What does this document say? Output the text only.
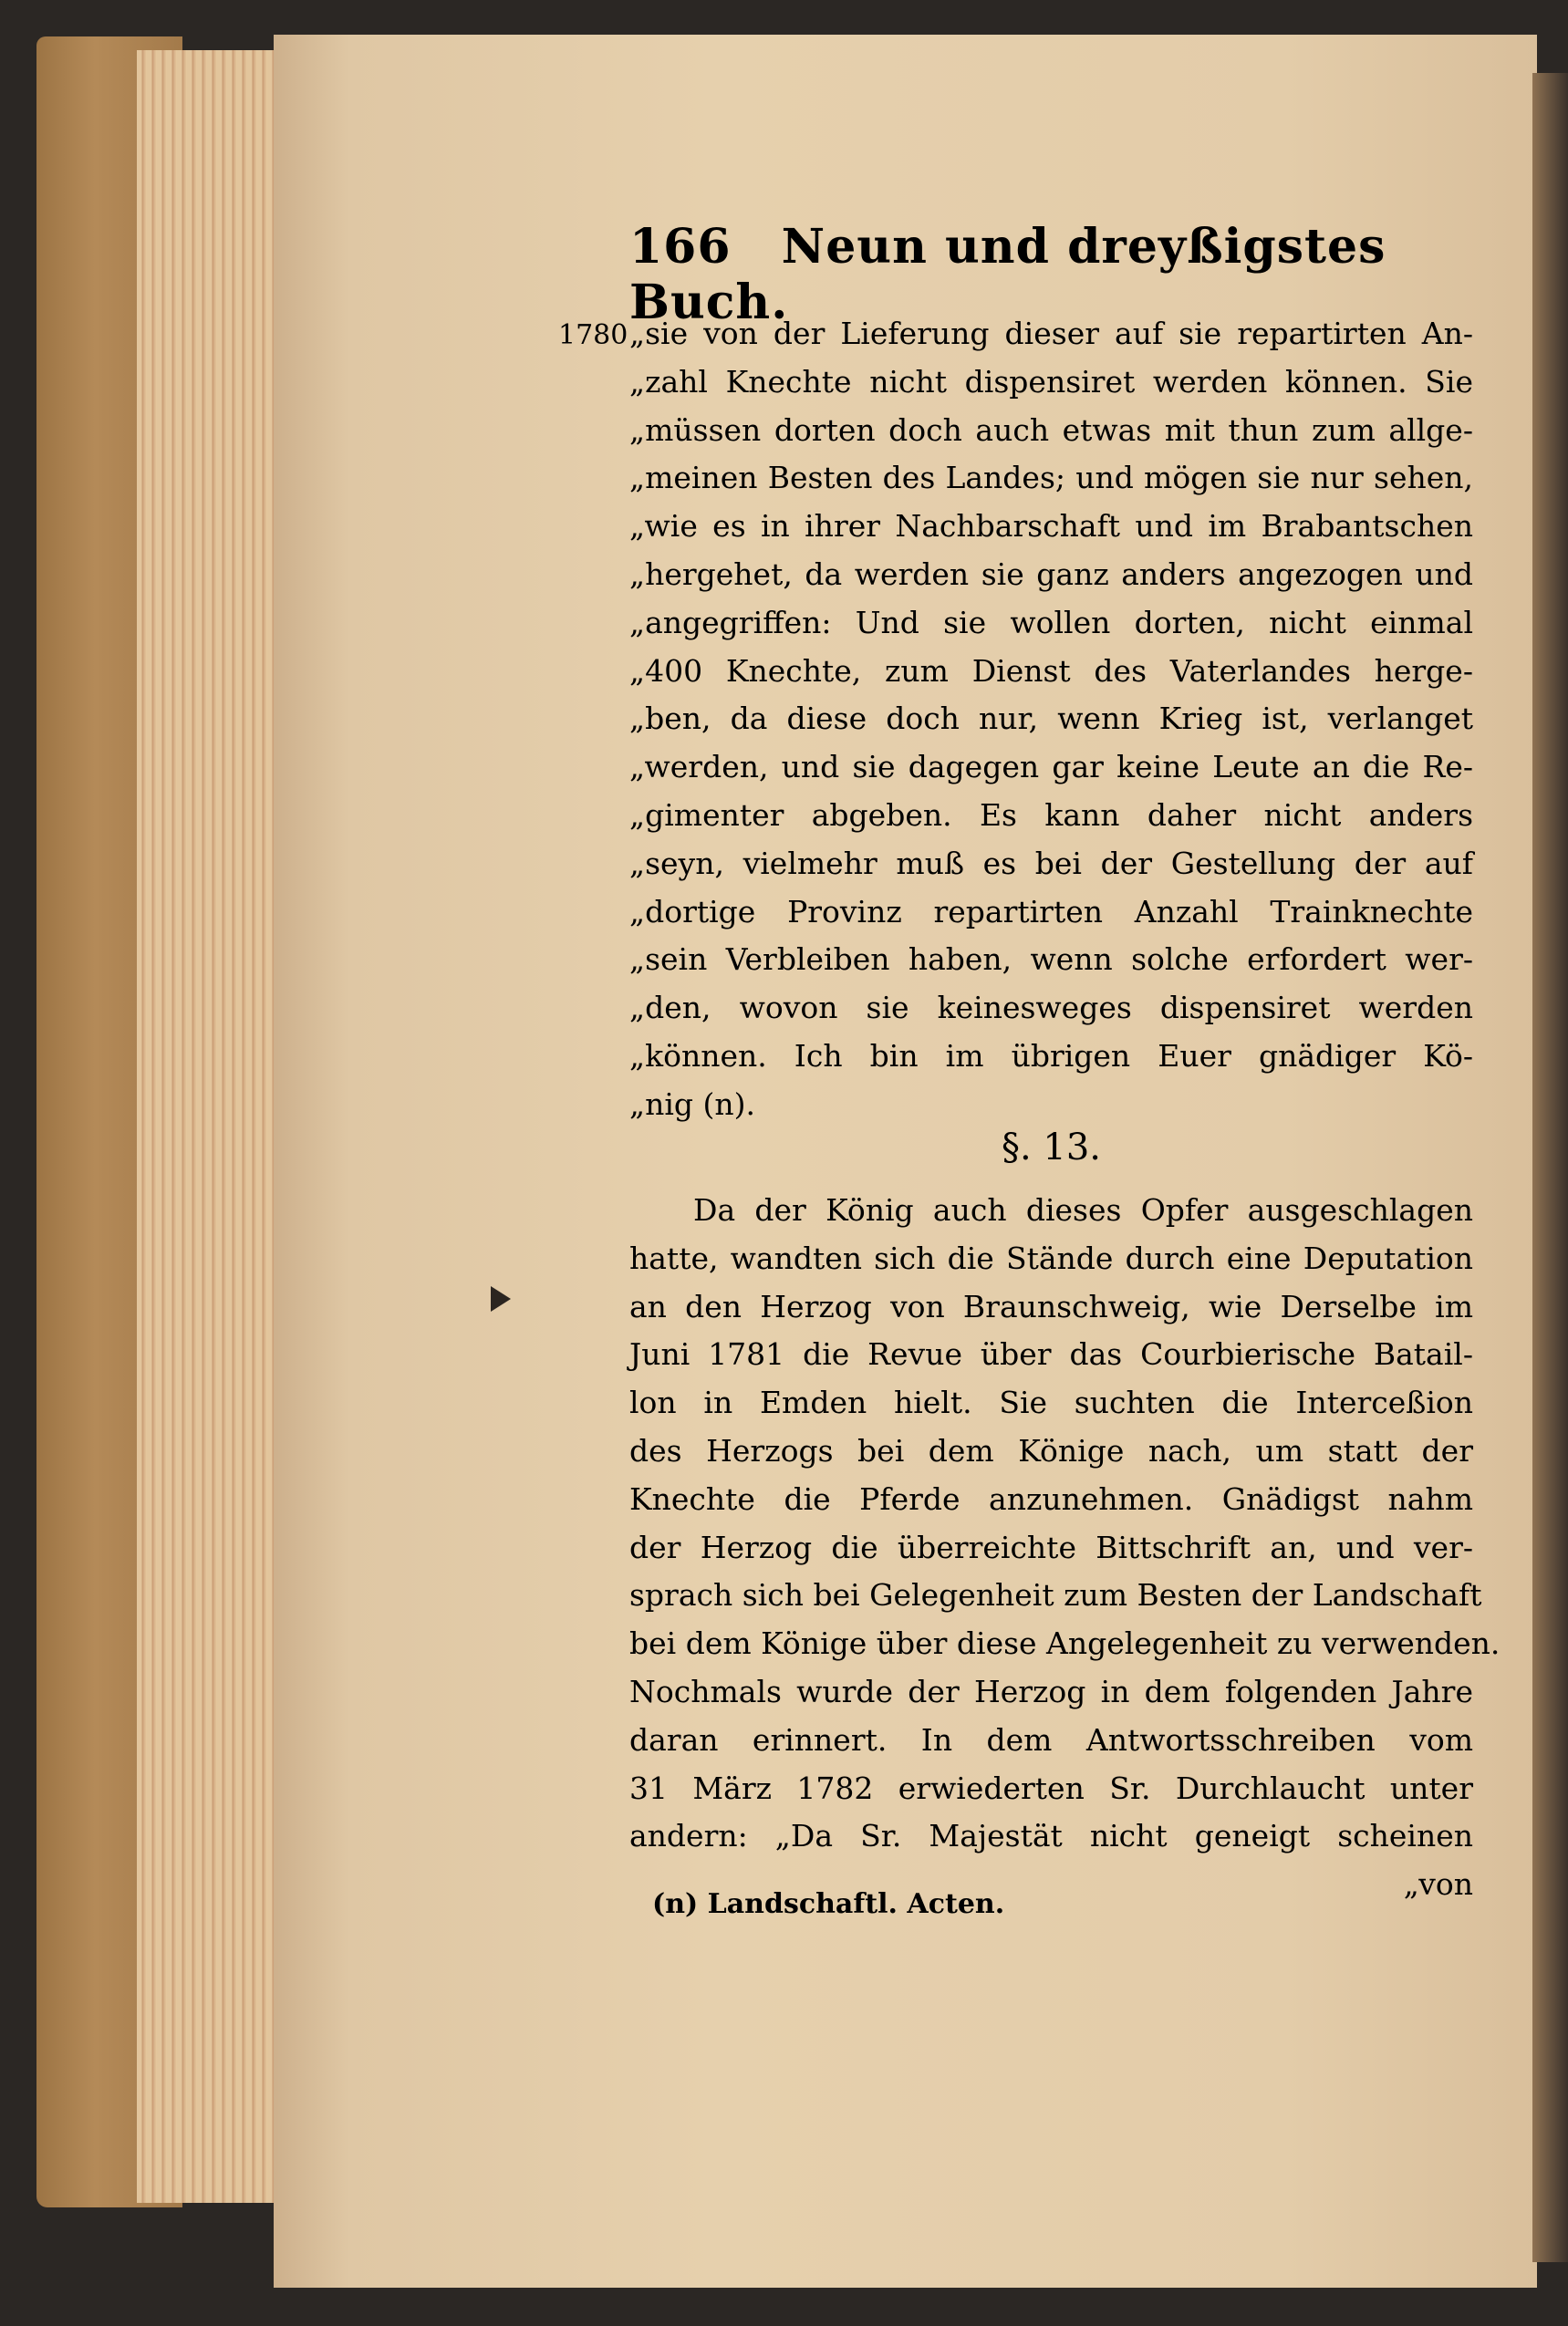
166 Neun und dreyßigstes Buch.
1780 „sie von der Lieferung dieser auf sie repartirten An-
„zahl Knechte nicht dispensiret werden können. Sie
„müssen dorten doch auch etwas mit thun zum allge-
„meinen Besten des Landes; und mögen sie nur sehen,
„wie es in ihrer Nachbarschaft und im Brabantschen
„hergehet, da werden sie ganz anders angezogen und
„angegriffen: Und sie wollen dorten, nicht einmal
„400 Knechte, zum Dienst des Vaterlandes herge-
„ben, da diese doch nur, wenn Krieg ist, verlanget
„werden, und sie dagegen gar keine Leute an die Re-
„gimenter abgeben. Es kann daher nicht anders
„seyn, vielmehr muß es bei der Gestellung der auf
„dortige Provinz repartirten Anzahl Trainknechte
„sein Verbleiben haben, wenn solche erfordert wer-
„den, wovon sie keinesweges dispensiret werden
„können. Ich bin im übrigen Euer gnädiger Kö-
„nig (n).
§. 13.
Da der König auch dieses Opfer ausgeschlagen
hatte, wandten sich die Stände durch eine Deputation
an den Herzog von Braunschweig, wie Derselbe im
Juni 1781 die Revue über das Courbierische Batail-
lon in Emden hielt. Sie suchten die Interceßion
des Herzogs bei dem Könige nach, um statt der
Knechte die Pferde anzunehmen. Gnädigst nahm
der Herzog die überreichte Bittschrift an, und ver-
sprach sich bei Gelegenheit zum Besten der Landschaft
bei dem Könige über diese Angelegenheit zu verwenden.
Nochmals wurde der Herzog in dem folgenden Jahre
daran erinnert. In dem Antwortsschreiben vom
31 März 1782 erwiederten Sr. Durchlaucht unter
andern: „Da Sr. Majestät nicht geneigt scheinen
„von
(n) Landschaftl. Acten.
